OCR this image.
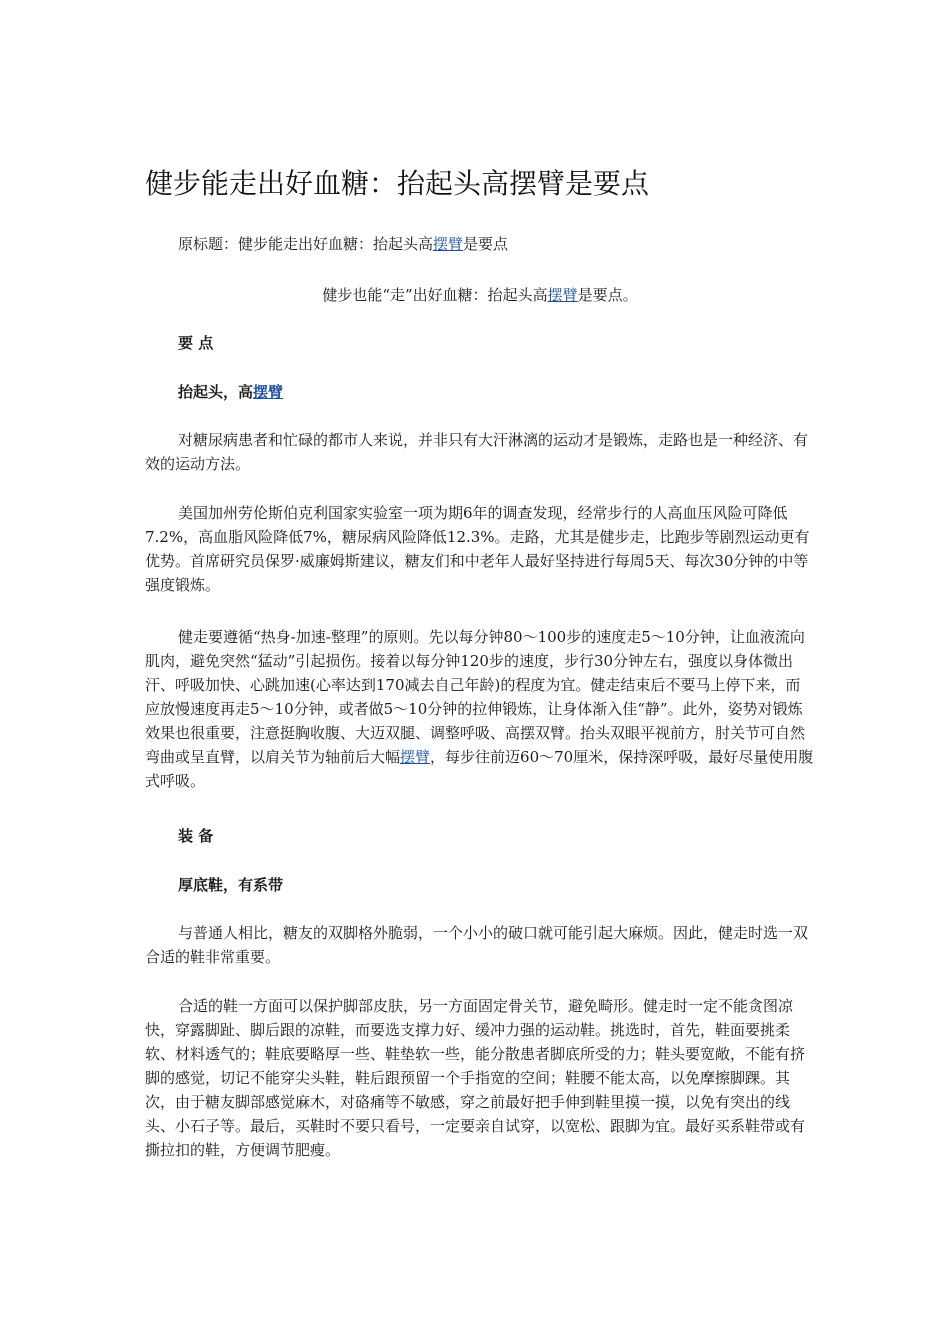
健步能走出好血糖：抬起头高摆臂是要点

原标题：健步能走出好血糖：抬起头高摆臂是要点

健步也能“走”出好血糖：抬起头高摆臂是要点。

要 点

抬起头，高摆臂

对糖尿病患者和忙碌的都市人来说，并非只有大汗淋漓的运动才是锻炼，走路也是一种经济、有效的运动方法。

美国加州劳伦斯伯克利国家实验室一项为期6年的调查发现，经常步行的人高血压风险可降低7.2%，高血脂风险降低7%，糖尿病风险降低12.3%。走路，尤其是健步走，比跑步等剧烈运动更有优势。首席研究员保罗·威廉姆斯建议，糖友们和中老年人最好坚持进行每周5天、每次30分钟的中等强度锻炼。

健走要遵循“热身-加速-整理”的原则。先以每分钟80～100步的速度走5～10分钟，让血液流向肌肉，避免突然“猛动”引起损伤。接着以每分钟120步的速度，步行30分钟左右，强度以身体微出汗、呼吸加快、心跳加速(心率达到170减去自己年龄)的程度为宜。健走结束后不要马上停下来，而应放慢速度再走5～10分钟，或者做5～10分钟的拉伸锻炼，让身体渐入佳“静”。此外，姿势对锻炼效果也很重要，注意挺胸收腹、大迈双腿、调整呼吸、高摆双臂。抬头双眼平视前方，肘关节可自然弯曲或呈直臂，以肩关节为轴前后大幅摆臂，每步往前迈60～70厘米，保持深呼吸，最好尽量使用腹式呼吸。

装 备

厚底鞋，有系带

与普通人相比，糖友的双脚格外脆弱，一个小小的破口就可能引起大麻烦。因此，健走时选一双合适的鞋非常重要。

合适的鞋一方面可以保护脚部皮肤，另一方面固定骨关节，避免畸形。健走时一定不能贪图凉快，穿露脚趾、脚后跟的凉鞋，而要选支撑力好、缓冲力强的运动鞋。挑选时，首先，鞋面要挑柔软、材料透气的；鞋底要略厚一些、鞋垫软一些，能分散患者脚底所受的力；鞋头要宽敞，不能有挤脚的感觉，切记不能穿尖头鞋，鞋后跟预留一个手指宽的空间；鞋腰不能太高，以免摩擦脚踝。其次，由于糖友脚部感觉麻木，对硌痛等不敏感，穿之前最好把手伸到鞋里摸一摸，以免有突出的线头、小石子等。最后，买鞋时不要只看号，一定要亲自试穿，以宽松、跟脚为宜。最好买系鞋带或有撕拉扣的鞋，方便调节肥瘦。
